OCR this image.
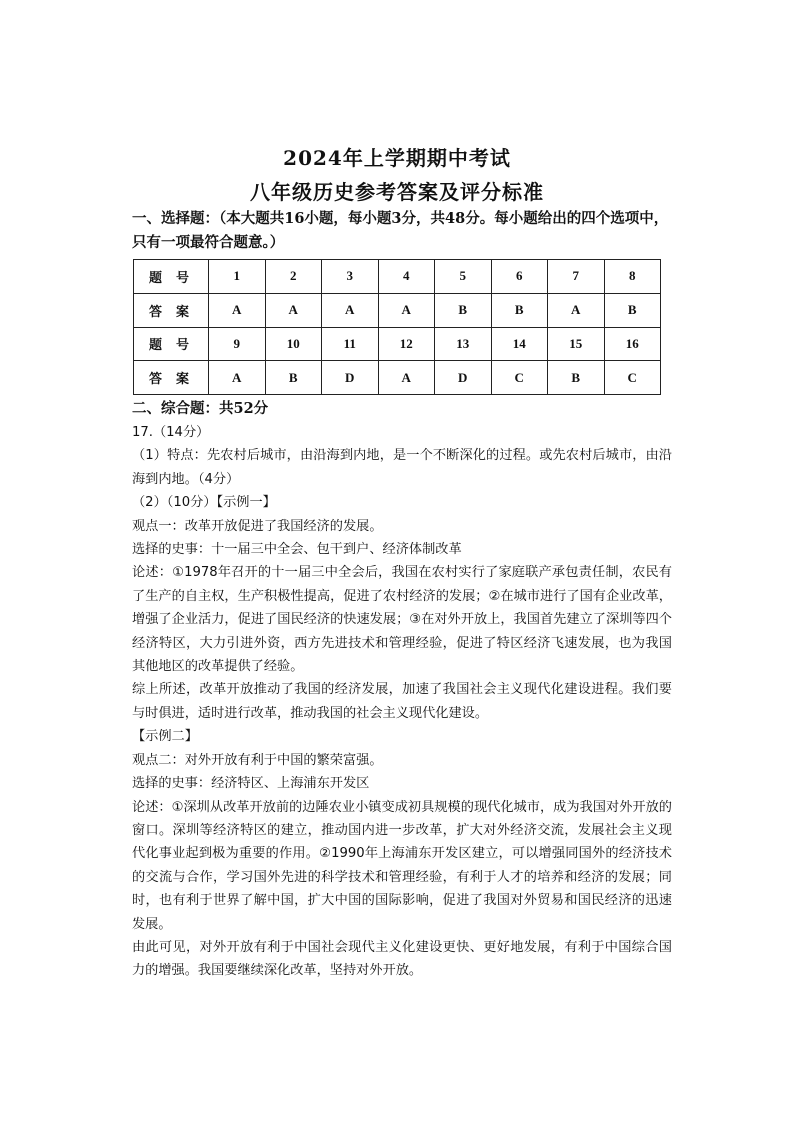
2024年上学期期中考试
八年级历史参考答案及评分标准

一、选择题：（本大题共16小题，每小题3分，共48分。每小题给出的四个选项中，只有一项最符合题意。）

题号	1	2	3	4	5	6	7	8
答案	A	A	A	A	B	B	A	B
题号	9	10	11	12	13	14	15	16
答案	A	B	D	A	D	C	B	C

二、综合题：共52分

17.（14分）

（1）特点：先农村后城市，由沿海到内地，是一个不断深化的过程。或先农村后城市，由沿海到内地。（4分）

（2）（10分）【示例一】

观点一：改革开放促进了我国经济的发展。

选择的史事：十一届三中全会、包干到户、经济体制改革

论述：①1978年召开的十一届三中全会后，我国在农村实行了家庭联产承包责任制，农民有了生产的自主权，生产积极性提高，促进了农村经济的发展；②在城市进行了国有企业改革，增强了企业活力，促进了国民经济的快速发展；③在对外开放上，我国首先建立了深圳等四个经济特区，大力引进外资，西方先进技术和管理经验，促进了特区经济飞速发展，也为我国其他地区的改革提供了经验。

综上所述，改革开放推动了我国的经济发展，加速了我国社会主义现代化建设进程。我们要与时俱进，适时进行改革，推动我国的社会主义现代化建设。

【示例二】

观点二：对外开放有利于中国的繁荣富强。

选择的史事：经济特区、上海浦东开发区

论述：①深圳从改革开放前的边陲农业小镇变成初具规模的现代化城市，成为我国对外开放的窗口。深圳等经济特区的建立，推动国内进一步改革，扩大对外经济交流，发展社会主义现代化事业起到极为重要的作用。②1990年上海浦东开发区建立，可以增强同国外的经济技术的交流与合作，学习国外先进的科学技术和管理经验，有利于人才的培养和经济的发展；同时，也有利于世界了解中国，扩大中国的国际影响，促进了我国对外贸易和国民经济的迅速发展。

由此可见，对外开放有利于中国社会现代主义化建设更快、更好地发展，有利于中国综合国力的增强。我国要继续深化改革，坚持对外开放。
